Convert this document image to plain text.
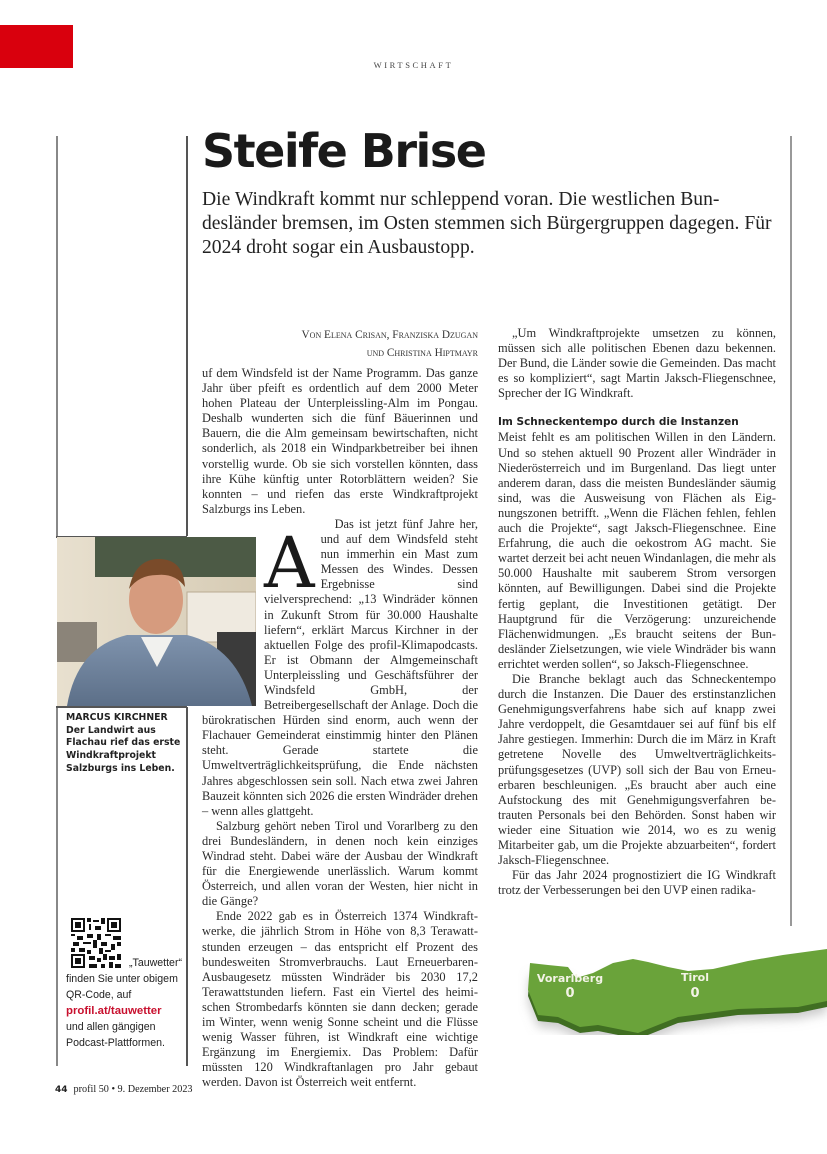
WIRTSCHAFT
Steife Brise
Die Windkraft kommt nur schleppend voran. Die westlichen Bundesländer bremsen, im Osten stemmen sich Bürgergruppen dagegen. Für 2024 droht sogar ein Ausbaustopp.
Von Elena Crisan, Franziska Dzugan
und Christina Hiptmayr

A
uf dem Windsfeld ist der Name Programm. Das ganze Jahr über pfeift es ordentlich auf dem 2000 Meter hohen Plateau der Unterpleissling-Alm im Pongau. Deshalb wunderten sich die fünf Bäuerinnen und Bauern, die die Alm gemeinsam bewirtschaften, nicht sonderlich, als 2018 ein Windparkbetreiber bei ihnen vorstellig wurde. Ob sie sich vorstellen könnten, dass ihre Kühe künftig unter Rotorblättern weiden? Sie konnten – und riefen das erste Windkraftprojekt Salzburgs ins Leben.

Das ist jetzt fünf Jahre her, und auf dem Windsfeld steht nun immerhin ein Mast zum Messen des Windes. Dessen Ergebnisse sind vielversprechend: „13 Windräder können in Zukunft Strom für 30.000 Haushalte liefern“, erklärt Marcus Kirchner in der aktuellen Folge des profil-Klimapodcasts. Er ist Obmann der Almgemeinschaft Unterpleissling und Geschäftsführer der Windsfeld GmbH, der Betreibergesellschaft der Anlage. Doch die bürokratischen Hürden sind enorm, auch wenn der Flachauer Gemeinderat einstimmig hinter den Plänen steht. Gerade startete die Umweltverträglichkeitsprüfung, die Ende nächsten Jahres abgeschlossen sein soll. Nach etwa zwei Jahren Bauzeit könnten sich 2026 die ersten Windräder drehen – wenn alles glattgeht.

Salzburg gehört neben Tirol und Vorarlberg zu den drei Bundesländern, in denen noch kein einziges Windrad steht. Dabei wäre der Ausbau der Windkraft für die Energiewende unerlässlich. Warum kommt Österreich, und allen voran der Westen, hier nicht in die Gänge?

Ende 2022 gab es in Österreich 1374 Windkraftwerke, die jährlich Strom in Höhe von 8,3 Terawattstunden erzeugen – das entspricht elf Prozent des bundesweiten Stromverbrauchs. Laut Erneuerbaren-Ausbaugesetz müssten Windräder bis 2030 17,2 Terawattstunden liefern. Fast ein Viertel des heimischen Strombedarfs könnten sie dann decken; gerade im Winter, wenn wenig Sonne scheint und die Flüsse wenig Wasser führen, ist Windkraft eine wichtige Ergänzung im Energiemix. Das Problem: Dafür müssten 120 Windkraftanlagen pro Jahr gebaut werden. Davon ist Österreich weit entfernt.

„Um Windkraftprojekte umsetzen zu können, müssen sich alle politischen Ebenen dazu bekennen. Der Bund, die Länder sowie die Gemeinden. Das macht es so kompliziert“, sagt Martin Jaksch-Fliegenschnee, Sprecher der IG Windkraft.

Im Schneckentempo durch die Instanzen

Meist fehlt es am politischen Willen in den Ländern. Und so stehen aktuell 90 Prozent aller Windräder in Niederösterreich und im Burgenland. Das liegt unter anderem daran, dass die meisten Bundesländer säumig sind, was die Ausweisung von Flächen als Eignungszonen betrifft. „Wenn die Flächen fehlen, fehlen auch die Projekte“, sagt Jaksch-Fliegenschnee. Eine Erfahrung, die auch die oekostrom AG macht. Sie wartet derzeit bei acht neuen Windanlagen, die mehr als 50.000 Haushalte mit sauberem Strom versorgen könnten, auf Bewilligungen. Dabei sind die Projekte fertig geplant, die Investitionen getätigt. Der Hauptgrund für die Verzögerung: unzureichende Flächenwidmungen. „Es braucht seitens der Bundesländer Zielsetzungen, wie viele Windräder bis wann errichtet werden sollen“, so Jaksch-Fliegenschnee.

Die Branche beklagt auch das Schneckentempo durch die Instanzen. Die Dauer des erstinstanzlichen Genehmigungsverfahrens habe sich auf knapp zwei Jahre verdoppelt, die Gesamtdauer sei auf fünf bis elf Jahre gestiegen. Immerhin: Durch die im März in Kraft getretene Novelle des Umweltverträglichkeitsprüfungsgesetzes (UVP) soll sich der Bau von Erneuerbaren beschleunigen. „Es braucht aber auch eine Aufstockung des mit Genehmigungsverfahren betrauten Personals bei den Behörden. Sonst haben wir wieder eine Situation wie 2014, wo es zu wenig Mitarbeiter gab, um die Projekte abzuarbeiten“, fordert Jaksch-Fliegenschnee.

Für das Jahr 2024 prognostiziert die IG Windkraft trotz der Verbesserungen bei den UVP einen radika-

MARCUS KIRCHNER
Der Landwirt aus Flachau rief das erste Windkraftprojekt Salzburgs ins Leben.
„Tauwetter“
finden Sie unter obigem QR-Code, auf
profil.at/tauwetter
und allen gängigen Podcast-Plattformen.
Vorarlberg
0
Tirol
0
44 profil 50 • 9. Dezember 2023
